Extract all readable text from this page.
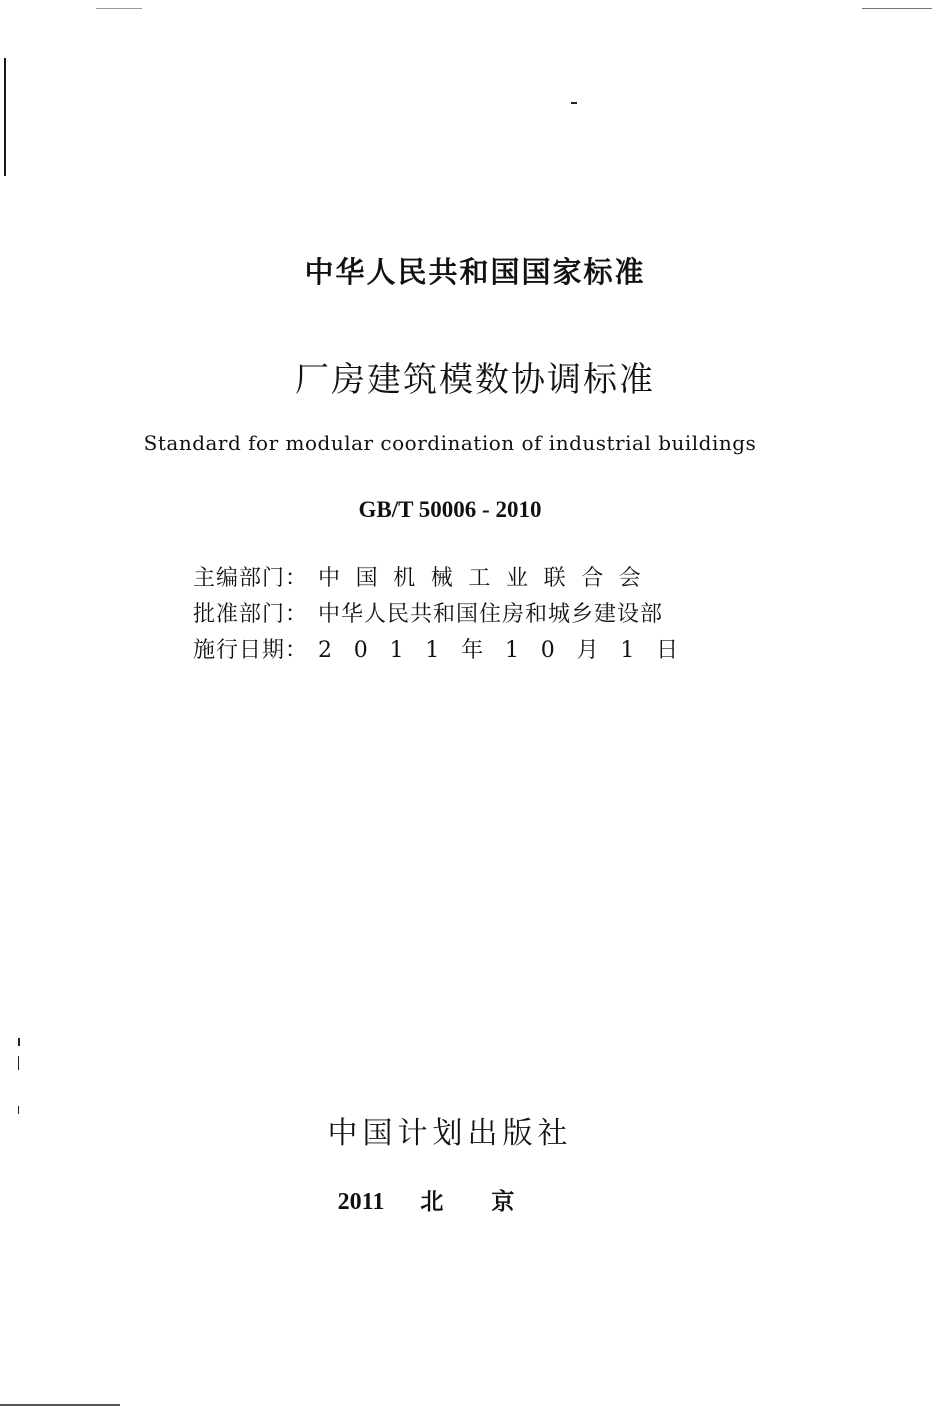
中华人民共和国国家标准
厂房建筑模数协调标准
Standard for modular coordination of industrial buildings
GB/T 50006 - 2010
主编部门： 中国机械工业联合会
批准部门： 中华人民共和国住房和城乡建设部
施行日期： 2011年10月1日
中国计划出版社
2011 北京
